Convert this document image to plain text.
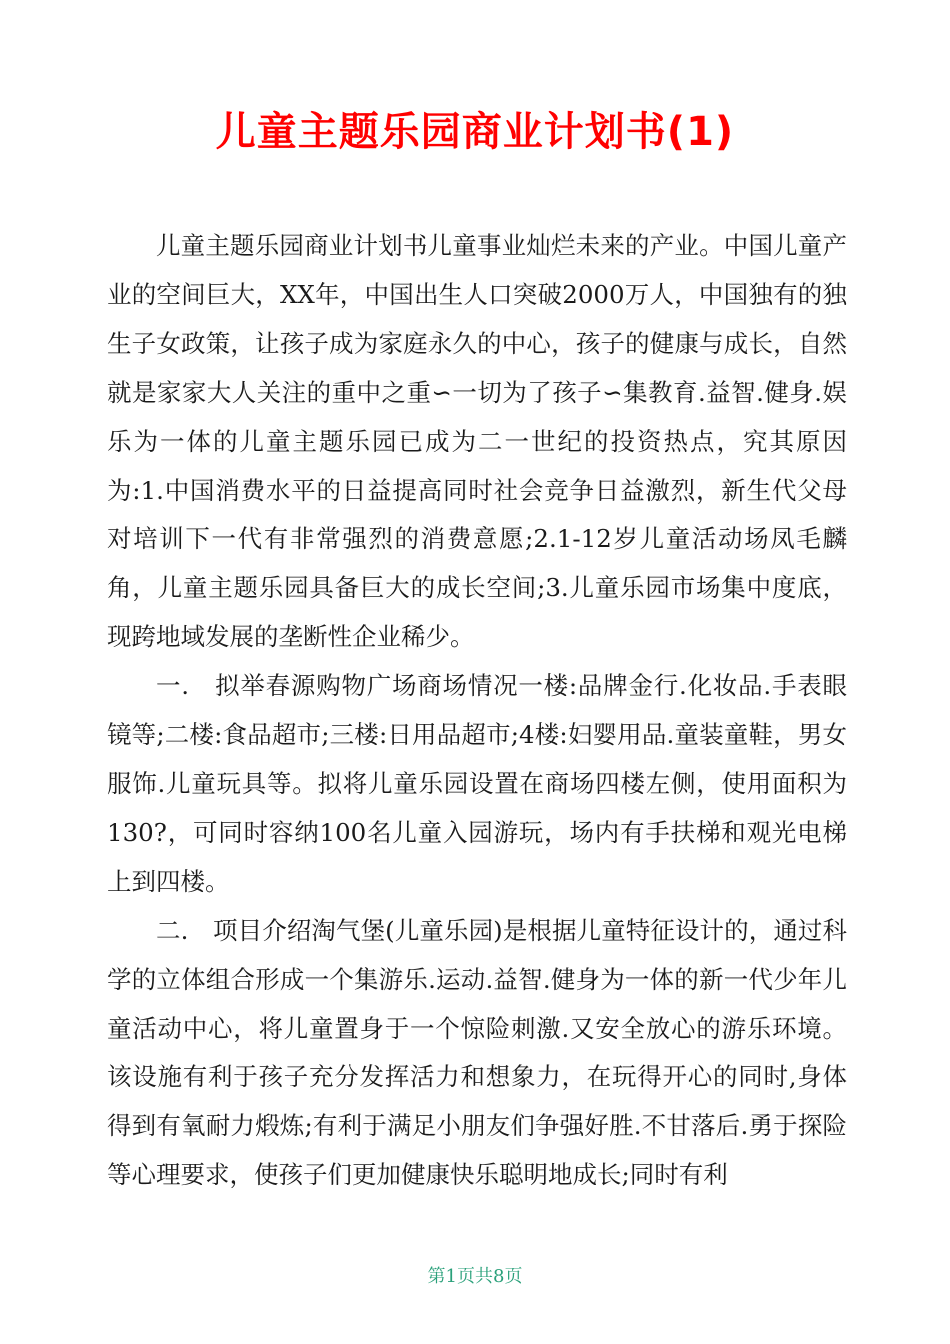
儿童主题乐园商业计划书(1)

儿童主题乐园商业计划书儿童事业灿烂未来的产业。中国儿童产业的空间巨大，XX年，中国出生人口突破2000万人，中国独有的独生子女政策，让孩子成为家庭永久的中心，孩子的健康与成长，自然就是家家大人关注的重中之重∽一切为了孩子∽集教育.益智.健身.娱乐为一体的儿童主题乐园已成为二一世纪的投资热点，究其原因为:1.中国消费水平的日益提高同时社会竞争日益激烈，新生代父母对培训下一代有非常强烈的消费意愿;2.1-12岁儿童活动场凤毛麟角，儿童主题乐园具备巨大的成长空间;3.儿童乐园市场集中度底，现跨地域发展的垄断性企业稀少。

一.　拟举春源购物广场商场情况一楼:品牌金行.化妆品.手表眼镜等;二楼:食品超市;三楼:日用品超市;4楼:妇婴用品.童装童鞋，男女服饰.儿童玩具等。拟将儿童乐园设置在商场四楼左侧，使用面积为130?，可同时容纳100名儿童入园游玩，场内有手扶梯和观光电梯上到四楼。

二.　项目介绍淘气堡(儿童乐园)是根据儿童特征设计的，通过科学的立体组合形成一个集游乐.运动.益智.健身为一体的新一代少年儿童活动中心，将儿童置身于一个惊险刺激.又安全放心的游乐环境。该设施有利于孩子充分发挥活力和想象力，在玩得开心的同时,身体得到有氧耐力煅炼;有利于满足小朋友们争强好胜.不甘落后.勇于探险等心理要求，使孩子们更加健康快乐聪明地成长;同时有利

第1页共8页
